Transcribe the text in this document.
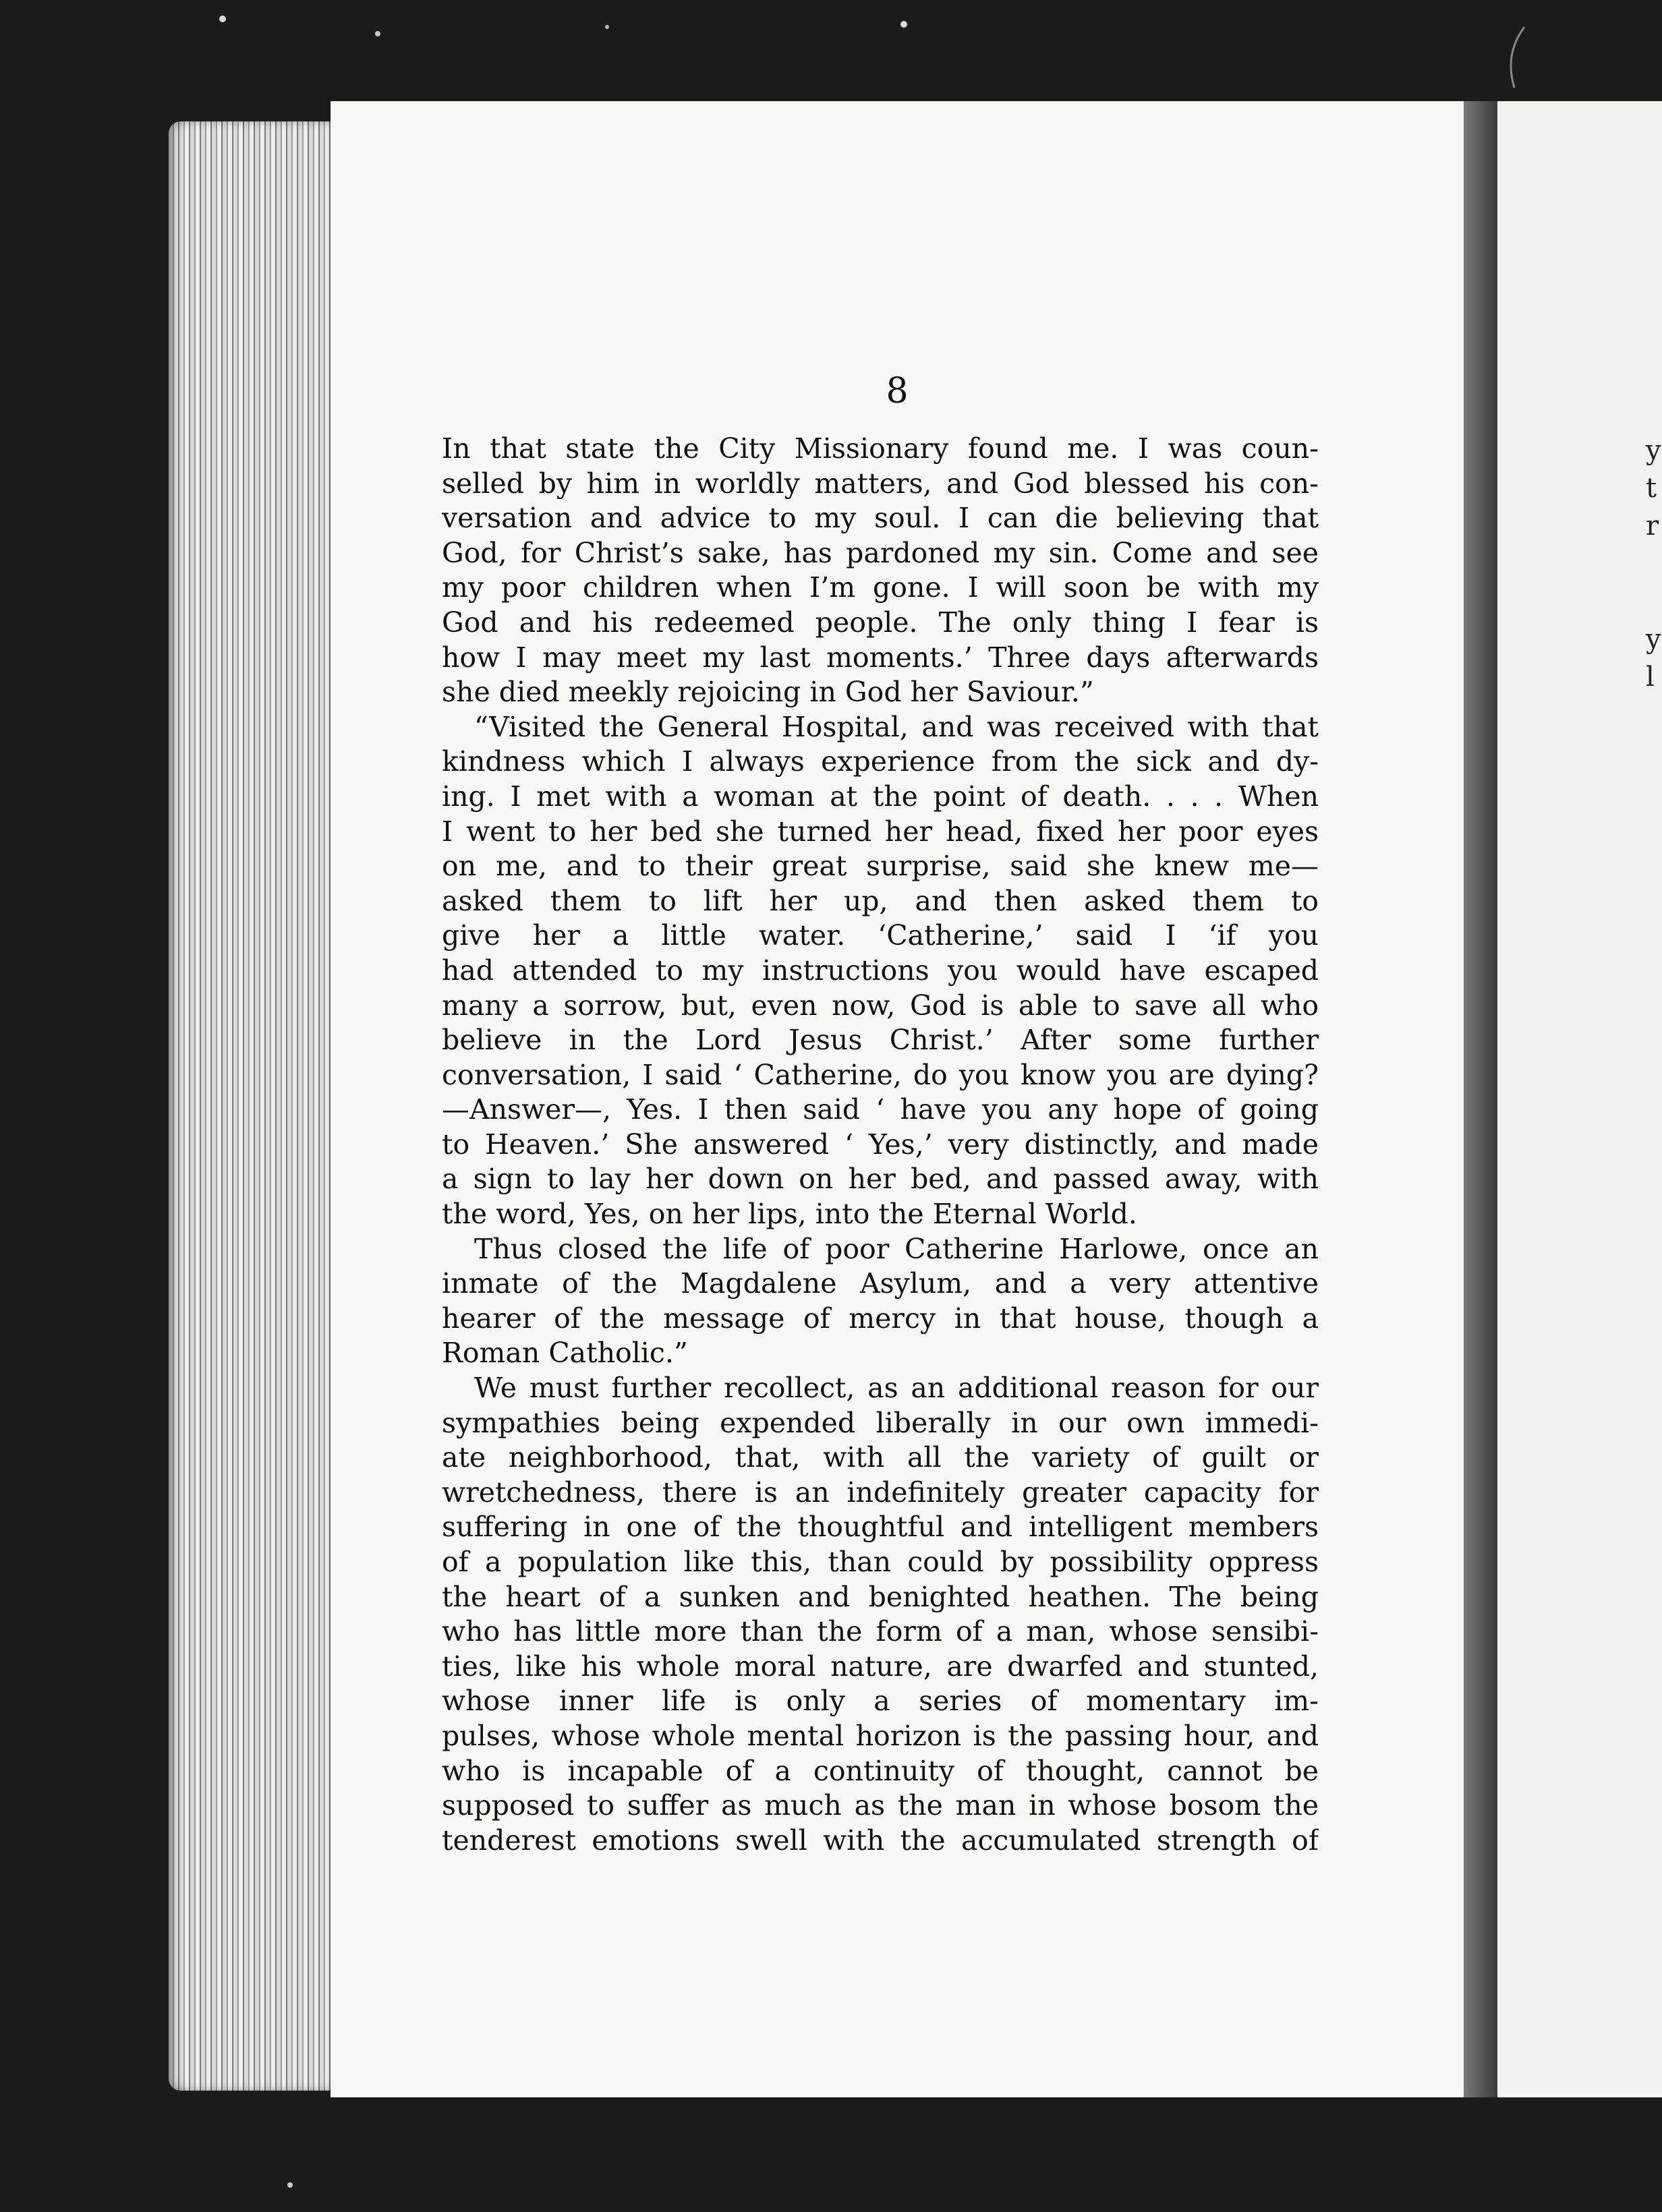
8
y
t
r

y
l
In that state the City Missionary found me. I was coun-
selled by him in worldly matters, and God blessed his con-
versation and advice to my soul. I can die believing that
God, for Christ’s sake, has pardoned my sin. Come and see
my poor children when I’m gone. I will soon be with my
God and his redeemed people. The only thing I fear is
how I may meet my last moments.’ Three days afterwards
she died meekly rejoicing in God her Saviour.”
“Visited the General Hospital, and was received with that
kindness which I always experience from the sick and dy-
ing. I met with a woman at the point of death. . . . When
I went to her bed she turned her head, fixed her poor eyes
on me, and to their great surprise, said she knew me—
asked them to lift her up, and then asked them to
give her a little water. ‘Catherine,’ said I ‘if you
had attended to my instructions you would have escaped
many a sorrow, but, even now, God is able to save all who
believe in the Lord Jesus Christ.’ After some further
conversation, I said ‘ Catherine, do you know you are dying?
—Answer—, Yes. I then said ‘ have you any hope of going
to Heaven.’ She answered ‘ Yes,’ very distinctly, and made
a sign to lay her down on her bed, and passed away, with
the word, Yes, on her lips, into the Eternal World.
Thus closed the life of poor Catherine Harlowe, once an
inmate of the Magdalene Asylum, and a very attentive
hearer of the message of mercy in that house, though a
Roman Catholic.”
We must further recollect, as an additional reason for our
sympathies being expended liberally in our own immedi-
ate neighborhood, that, with all the variety of guilt or
wretchedness, there is an indefinitely greater capacity for
suffering in one of the thoughtful and intelligent members
of a population like this, than could by possibility oppress
the heart of a sunken and benighted heathen. The being
who has little more than the form of a man, whose sensibi-
ties, like his whole moral nature, are dwarfed and stunted,
whose inner life is only a series of momentary im-
pulses, whose whole mental horizon is the passing hour, and
who is incapable of a continuity of thought, cannot be
supposed to suffer as much as the man in whose bosom the
tenderest emotions swell with the accumulated strength of
